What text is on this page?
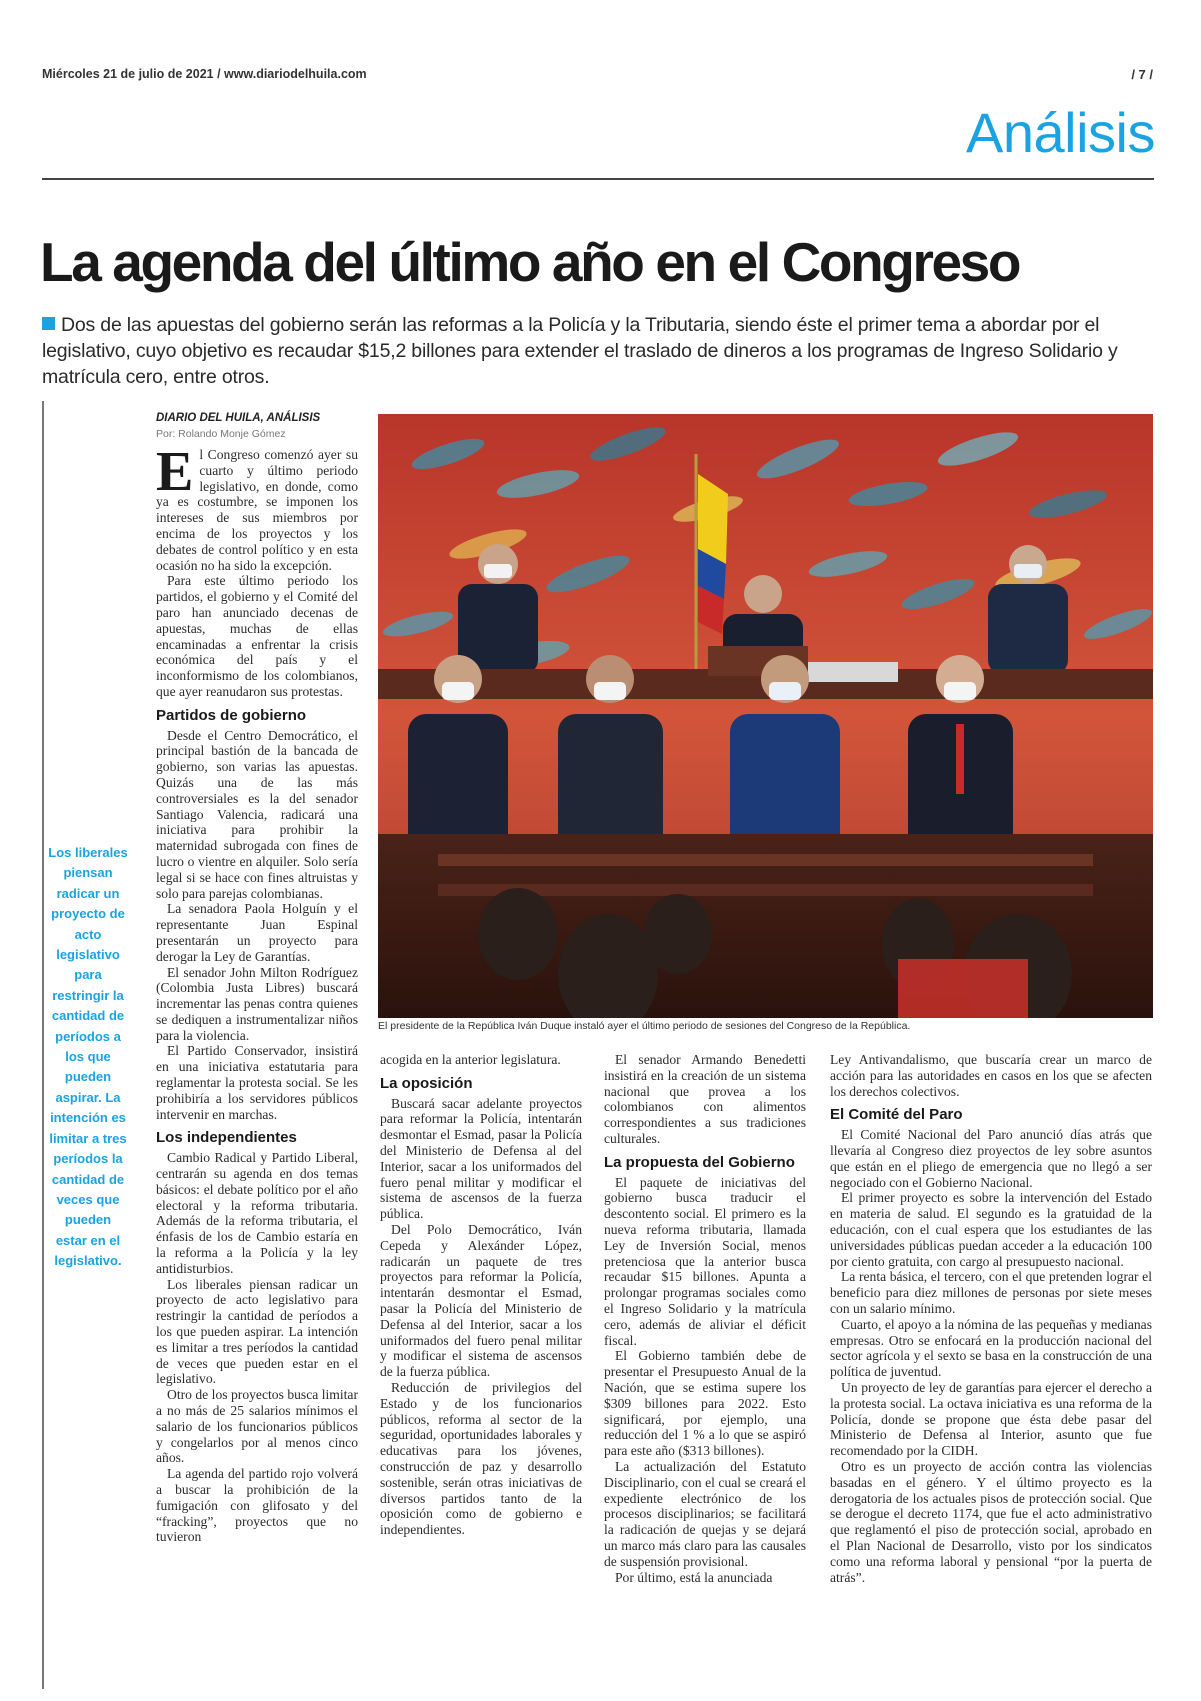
Miércoles 21 de julio de 2021 / www.diariodelhuila.com	/ 7 /
Análisis
La agenda del último año en el Congreso
Dos de las apuestas del gobierno serán las reformas a la Policía y la Tributaria, siendo éste el primer tema a abordar por el legislativo, cuyo objetivo es recaudar $15,2 billones para extender el traslado de dineros a los programas de Ingreso Solidario y matrícula cero, entre otros.
Los liberales piensan radicar un proyecto de acto legislativo para restringir la cantidad de períodos a los que pueden aspirar. La intención es limitar a tres períodos la cantidad de veces que pueden estar en el legislativo.
DIARIO DEL HUILA, ANÁLISIS
Por: Rolando Monje Gómez

El Congreso comenzó ayer su cuarto y último periodo legislativo, en donde, como ya es costumbre, se imponen los intereses de sus miembros por encima de los proyectos y los debates de control político y en esta ocasión no ha sido la excepción.

Para este último periodo los partidos, el gobierno y el Comité del paro han anunciado decenas de apuestas, muchas de ellas encaminadas a enfrentar la crisis económica del país y el inconformismo de los colombianos, que ayer reanudaron sus protestas.

Partidos de gobierno

Desde el Centro Democrático, el principal bastión de la bancada de gobierno, son varias las apuestas. Quizás una de las más controversiales es la del senador Santiago Valencia, radicará una iniciativa para prohibir la maternidad subrogada con fines de lucro o vientre en alquiler. Solo sería legal si se hace con fines altruistas y solo para parejas colombianas.

La senadora Paola Holguín y el representante Juan Espinal presentarán un proyecto para derogar la Ley de Garantías.

El senador John Milton Rodríguez (Colombia Justa Libres) buscará incrementar las penas contra quienes se dediquen a instrumentalizar niños para la violencia.

El Partido Conservador, insistirá en una iniciativa estatutaria para reglamentar la protesta social. Se les prohibiría a los servidores públicos intervenir en marchas.

Los independientes

Cambio Radical y Partido Liberal, centrarán su agenda en dos temas básicos: el debate político por el año electoral y la reforma tributaria. Además de la reforma tributaria, el énfasis de los de Cambio estaría en la reforma a la Policía y la ley antidisturbios.

Los liberales piensan radicar un proyecto de acto legislativo para restringir la cantidad de períodos a los que pueden aspirar. La intención es limitar a tres períodos la cantidad de veces que pueden estar en el legislativo.

Otro de los proyectos busca limitar a no más de 25 salarios mínimos el salario de los funcionarios públicos y congelarlos por al menos cinco años.

La agenda del partido rojo volverá a buscar la prohibición de la fumigación con glifosato y del “fracking”, proyectos que no tuvieron

El presidente de la República Iván Duque instaló ayer el último periodo de sesiones del Congreso de la República.

acogida en la anterior legislatura.

La oposición

Buscará sacar adelante proyectos para reformar la Policía, intentarán desmontar el Esmad, pasar la Policía del Ministerio de Defensa al del Interior, sacar a los uniformados del fuero penal militar y modificar el sistema de ascensos de la fuerza pública.

Del Polo Democrático, Iván Cepeda y Alexánder López, radicarán un paquete de tres proyectos para reformar la Policía, intentarán desmontar el Esmad, pasar la Policía del Ministerio de Defensa al del Interior, sacar a los uniformados del fuero penal militar y modificar el sistema de ascensos de la fuerza pública.

Reducción de privilegios del Estado y de los funcionarios públicos, reforma al sector de la seguridad, oportunidades laborales y educativas para los jóvenes, construcción de paz y desarrollo sostenible, serán otras iniciativas de diversos partidos tanto de la oposición como de gobierno e independientes.

El senador Armando Benedetti insistirá en la creación de un sistema nacional que provea a los colombianos con alimentos correspondientes a sus tradiciones culturales.

La propuesta del Gobierno

El paquete de iniciativas del gobierno busca traducir el descontento social. El primero es la nueva reforma tributaria, llamada Ley de Inversión Social, menos pretenciosa que la anterior busca recaudar $15 billones. Apunta a prolongar programas sociales como el Ingreso Solidario y la matrícula cero, además de aliviar el déficit fiscal.

El Gobierno también debe de presentar el Presupuesto Anual de la Nación, que se estima supere los $309 billones para 2022. Esto significará, por ejemplo, una reducción del 1 % a lo que se aspiró para este año ($313 billones).

La actualización del Estatuto Disciplinario, con el cual se creará el expediente electrónico de los procesos disciplinarios; se facilitará la radicación de quejas y se dejará un marco más claro para las causales de suspensión provisional.

Por último, está la anunciada

Ley Antivandalismo, que buscaría crear un marco de acción para las autoridades en casos en los que se afecten los derechos colectivos.

El Comité del Paro

El Comité Nacional del Paro anunció días atrás que llevaría al Congreso diez proyectos de ley sobre asuntos que están en el pliego de emergencia que no llegó a ser negociado con el Gobierno Nacional.

El primer proyecto es sobre la intervención del Estado en materia de salud. El segundo es la gratuidad de la educación, con el cual espera que los estudiantes de las universidades públicas puedan acceder a la educación 100 por ciento gratuita, con cargo al presupuesto nacional.

La renta básica, el tercero, con el que pretenden lograr el beneficio para diez millones de personas por siete meses con un salario mínimo.

Cuarto, el apoyo a la nómina de las pequeñas y medianas empresas. Otro se enfocará en la producción nacional del sector agrícola y el sexto se basa en la construcción de una política de juventud.

Un proyecto de ley de garantías para ejercer el derecho a la protesta social. La octava iniciativa es una reforma de la Policía, donde se propone que ésta debe pasar del Ministerio de Defensa al Interior, asunto que fue recomendado por la CIDH.

Otro es un proyecto de acción contra las violencias basadas en el género. Y el último proyecto es la derogatoria de los actuales pisos de protección social. Que se derogue el decreto 1174, que fue el acto administrativo que reglamentó el piso de protección social, aprobado en el Plan Nacional de Desarrollo, visto por los sindicatos como una reforma laboral y pensional “por la puerta de atrás”.
